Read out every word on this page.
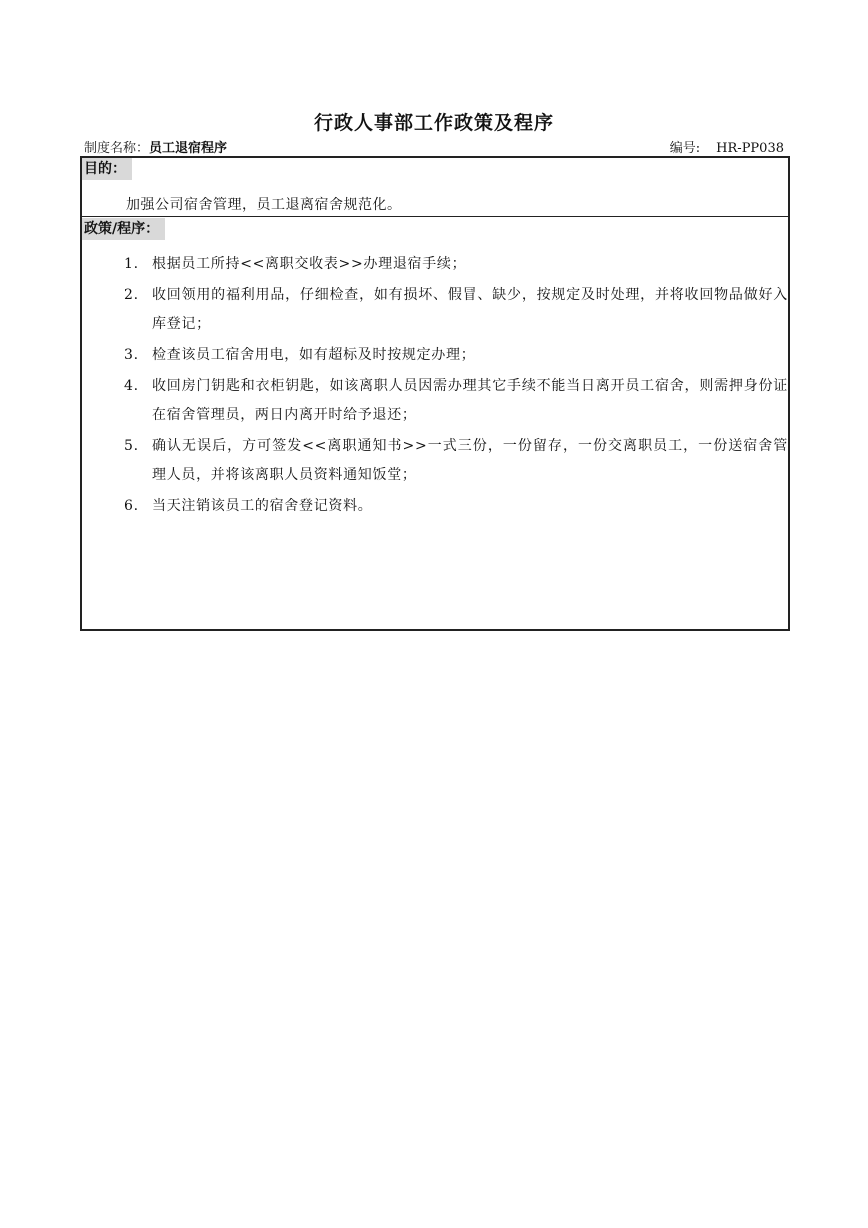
行政人事部工作政策及程序
制度名称：员工退宿程序	编号: HR-PP038
目的：
加强公司宿舍管理，员工退离宿舍规范化。
政策/程序：
1. 根据员工所持<<离职交收表>>办理退宿手续；
2. 收回领用的福利用品，仔细检查，如有损坏、假冒、缺少，按规定及时处理，并将收回物品做好入库登记；
3. 检查该员工宿舍用电，如有超标及时按规定办理；
4. 收回房门钥匙和衣柜钥匙，如该离职人员因需办理其它手续不能当日离开员工宿舍，则需押身份证在宿舍管理员，两日内离开时给予退还；
5. 确认无误后，方可签发<<离职通知书>>一式三份，一份留存，一份交离职员工，一份送宿舍管理人员，并将该离职人员资料通知饭堂；
6. 当天注销该员工的宿舍登记资料。
